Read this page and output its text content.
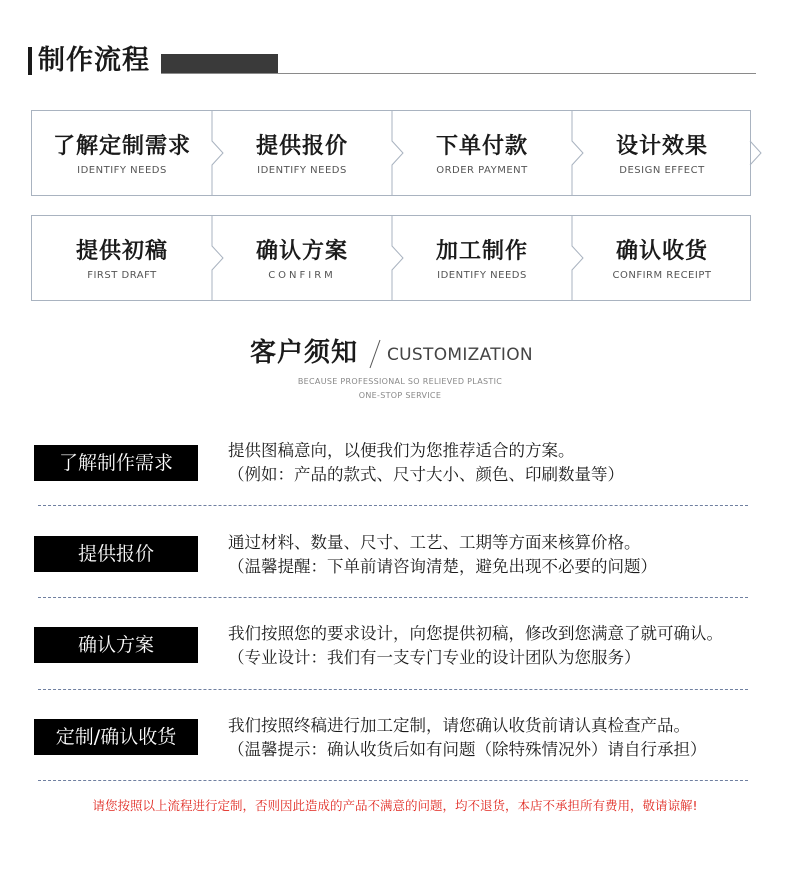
制作流程
了解定制需求
IDENTIFY NEEDS
提供报价
IDENTIFY NEEDS
下单付款
ORDER PAYMENT
设计效果
DESIGN EFFECT
提供初稿
FIRST DRAFT
确认方案
CONFIRM
加工制作
IDENTIFY NEEDS
确认收货
CONFIRM RECEIPT
客户须知 CUSTOMIZATION
BECAUSE PROFESSIONAL SO RELIEVED PLASTIC
ONE-STOP SERVICE
了解制作需求
提供图稿意向，以便我们为您推荐适合的方案。
（例如：产品的款式、尺寸大小、颜色、印刷数量等）
提供报价
通过材料、数量、尺寸、工艺、工期等方面来核算价格。
（温馨提醒：下单前请咨询清楚，避免出现不必要的问题）
确认方案
我们按照您的要求设计，向您提供初稿，修改到您满意了就可确认。
（专业设计：我们有一支专门专业的设计团队为您服务）
定制/确认收货
我们按照终稿进行加工定制，请您确认收货前请认真检查产品。
（温馨提示：确认收货后如有问题（除特殊情况外）请自行承担）
请您按照以上流程进行定制，否则因此造成的产品不满意的问题，均不退货，本店不承担所有费用，敬请谅解!
